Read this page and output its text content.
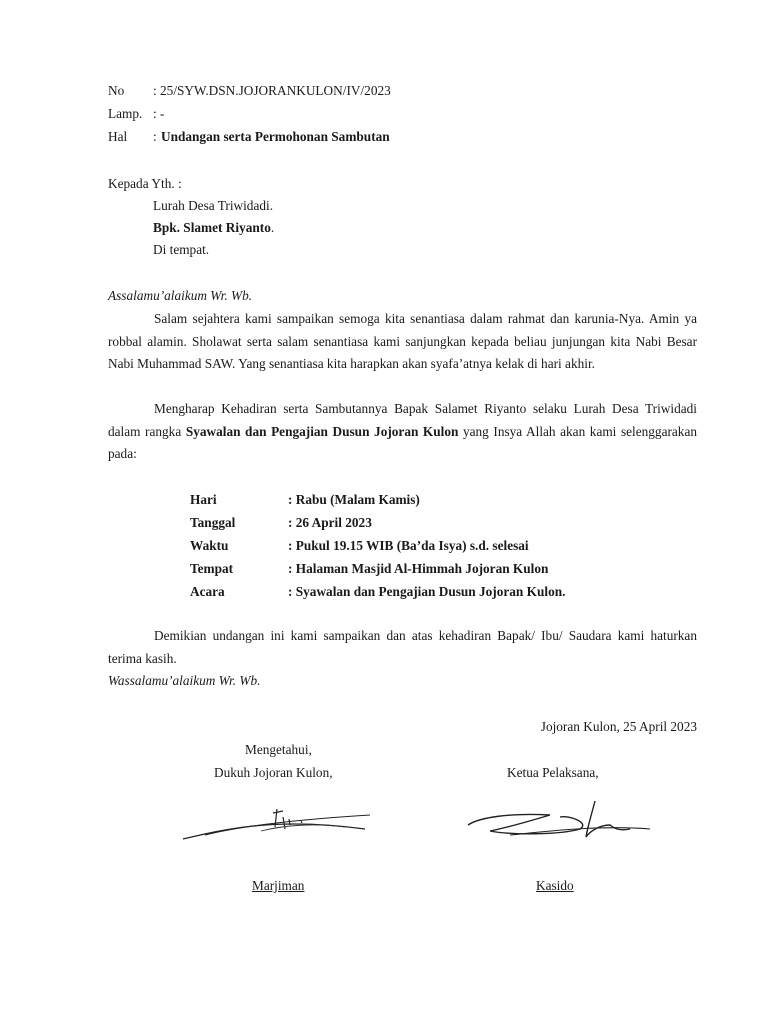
No : 25/SYW.DSN.JOJORANKULON/IV/2023
Lamp. : -
Hal : Undangan serta Permohonan Sambutan
Kepada Yth. :
Lurah Desa Triwidadi.
Bpk. Slamet Riyanto.
Di tempat.
Assalamu’alaikum Wr. Wb.
Salam sejahtera kami sampaikan semoga kita senantiasa dalam rahmat dan karunia-Nya. Amin ya robbal alamin. Sholawat serta salam senantiasa kami sanjungkan kepada beliau junjungan kita Nabi Besar Nabi Muhammad SAW. Yang senantiasa kita harapkan akan syafa’atnya kelak di hari akhir.
Mengharap Kehadiran serta Sambutannya Bapak Salamet Riyanto selaku Lurah Desa Triwidadi dalam rangka Syawalan dan Pengajian Dusun Jojoran Kulon yang Insya Allah akan kami selenggarakan pada:
Hari	: Rabu (Malam Kamis)
Tanggal	: 26 April 2023
Waktu	: Pukul 19.15 WIB (Ba’da Isya) s.d. selesai
Tempat	: Halaman Masjid Al-Himmah Jojoran Kulon
Acara	: Syawalan dan Pengajian Dusun Jojoran Kulon.
Demikian undangan ini kami sampaikan dan atas kehadiran Bapak/ Ibu/ Saudara kami haturkan terima kasih.
Wassalamu’alaikum Wr. Wb.
Jojoran Kulon, 25 April 2023
Mengetahui,
Dukuh Jojoran Kulon,	Ketua Pelaksana,
Marjiman	Kasido
